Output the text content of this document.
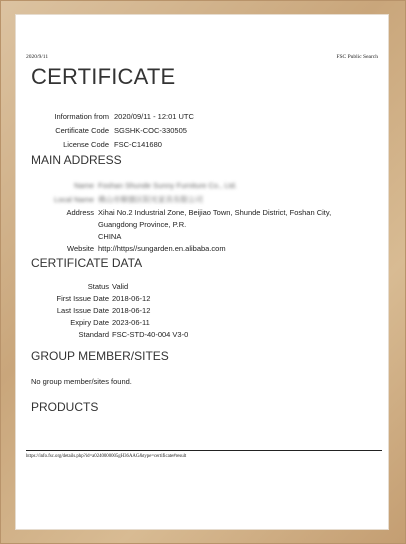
2020/9/11	FSC Public Search
CERTIFICATE
Information from 2020/09/11 - 12:01 UTC
Certificate Code SGSHK-COC-330505
License Code FSC-C141680
MAIN ADDRESS
Name Foshan Shunde Sunny Furniture Co., Ltd.
Local Name 佛山市顺德区阳光家具有限公司
Address Xihai No.2 Industrial Zone, Beijiao Town, Shunde District, Foshan City,
Guangdong Province, P.R.
CHINA
Website http://https//sungarden.en.alibaba.com
CERTIFICATE DATA
Status Valid
First Issue Date 2018-06-12
Last Issue Date 2018-06-12
Expiry Date 2023-06-11
Standard FSC-STD-40-004 V3-0
GROUP MEMBER/SITES
No group member/sites found.
PRODUCTS
https://info.fsc.org/details.php?id=a0240000005gH36AAG&type=certificate#result
